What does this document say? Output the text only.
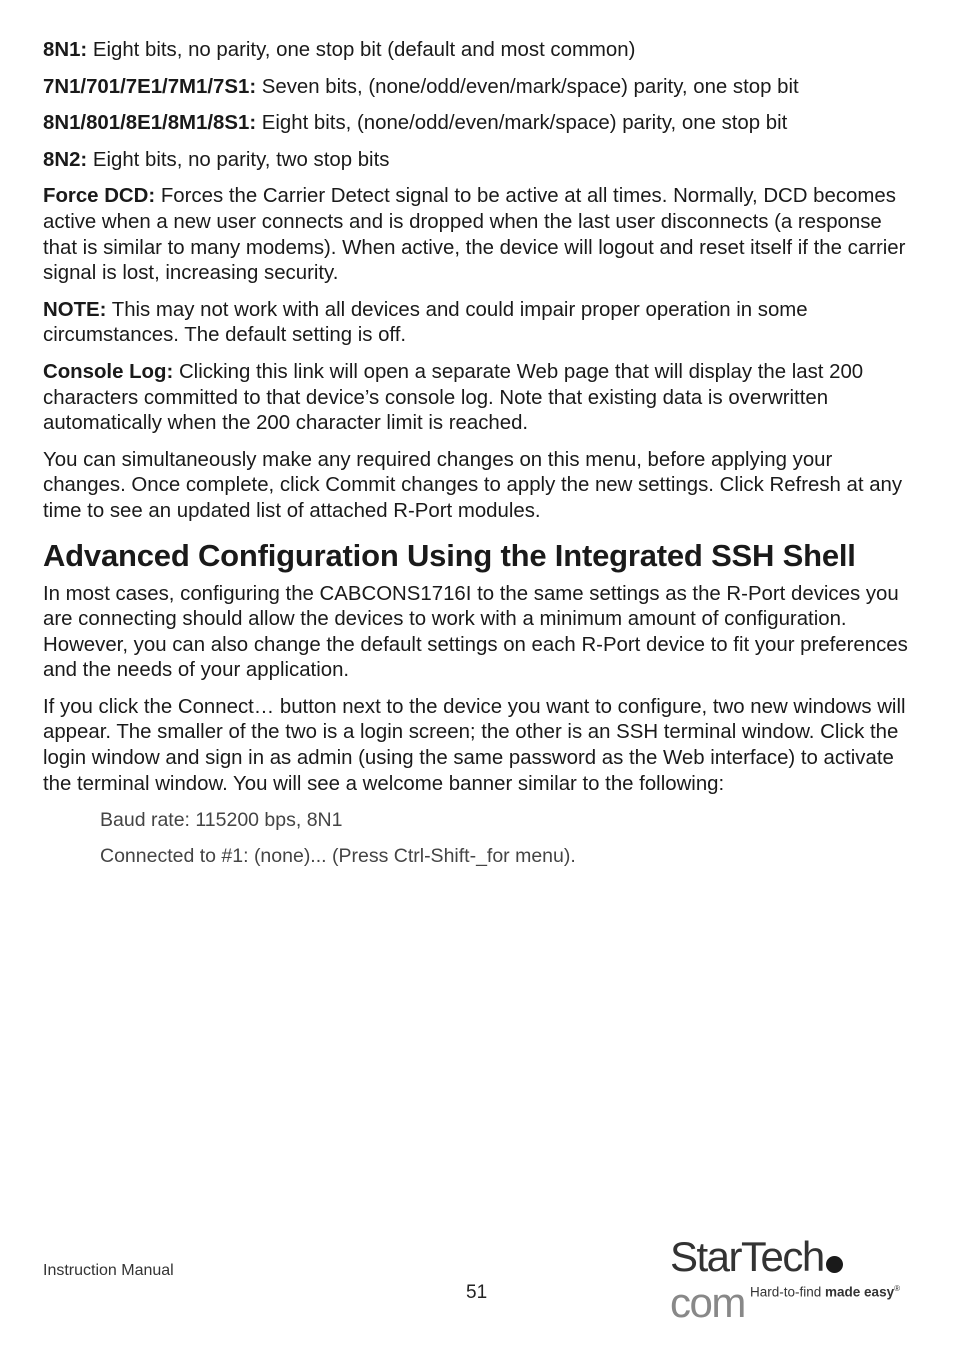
8N1: Eight bits, no parity, one stop bit (default and most common)

7N1/701/7E1/7M1/7S1: Seven bits, (none/odd/even/mark/space) parity, one stop bit

8N1/801/8E1/8M1/8S1: Eight bits, (none/odd/even/mark/space) parity, one stop bit

8N2: Eight bits, no parity, two stop bits

Force DCD: Forces the Carrier Detect signal to be active at all times. Normally, DCD becomes active when a new user connects and is dropped when the last user disconnects (a response that is similar to many modems). When active, the device will logout and reset itself if the carrier signal is lost, increasing security.

NOTE: This may not work with all devices and could impair proper operation in some circumstances. The default setting is off.

Console Log: Clicking this link will open a separate Web page that will display the last 200 characters committed to that device’s console log. Note that existing data is overwritten automatically when the 200 character limit is reached.

You can simultaneously make any required changes on this menu, before applying your changes. Once complete, click Commit changes to apply the new settings. Click Refresh at any time to see an updated list of attached R-Port modules.

Advanced Configuration Using the Integrated SSH Shell

In most cases, configuring the CABCONS1716I to the same settings as the R-Port devices you are connecting should allow the devices to work with a minimum amount of configuration. However, you can also change the default settings on each R-Port device to fit your preferences and the needs of your application.

If you click the Connect… button next to the device you want to configure, two new windows will appear. The smaller of the two is a login screen; the other is an SSH terminal window. Click the login window and sign in as admin (using the same password as the Web interface) to activate the terminal window. You will see a welcome banner similar to the following:

Baud rate: 115200 bps, 8N1

Connected to #1: (none)... (Press Ctrl-Shift-_for menu).

Instruction Manual
51
StarTechcom Hard-to-find made easy®
